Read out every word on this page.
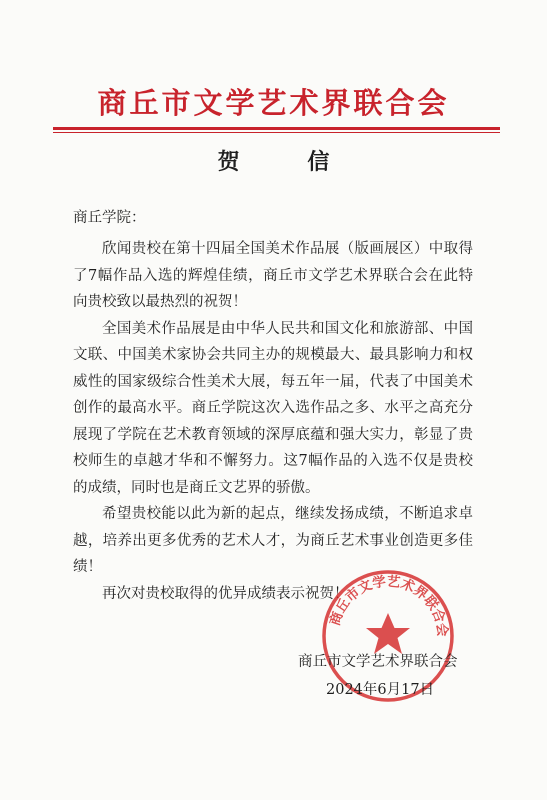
商丘市文学艺术界联合会
贺 信
商丘学院：

欣闻贵校在第十四届全国美术作品展（版画展区）中取得了7幅作品入选的辉煌佳绩，商丘市文学艺术界联合会在此特向贵校致以最热烈的祝贺！

全国美术作品展是由中华人民共和国文化和旅游部、中国文联、中国美术家协会共同主办的规模最大、最具影响力和权威性的国家级综合性美术大展，每五年一届，代表了中国美术创作的最高水平。商丘学院这次入选作品之多、水平之高充分展现了学院在艺术教育领域的深厚底蕴和强大实力，彰显了贵校师生的卓越才华和不懈努力。这7幅作品的入选不仅是贵校的成绩，同时也是商丘文艺界的骄傲。

希望贵校能以此为新的起点，继续发扬成绩，不断追求卓越，培养出更多优秀的艺术人才，为商丘艺术事业创造更多佳绩！

再次对贵校取得的优异成绩表示祝贺！

商丘市文学艺术界联合会
商丘市文学艺术界联合会
2024年6月17日
